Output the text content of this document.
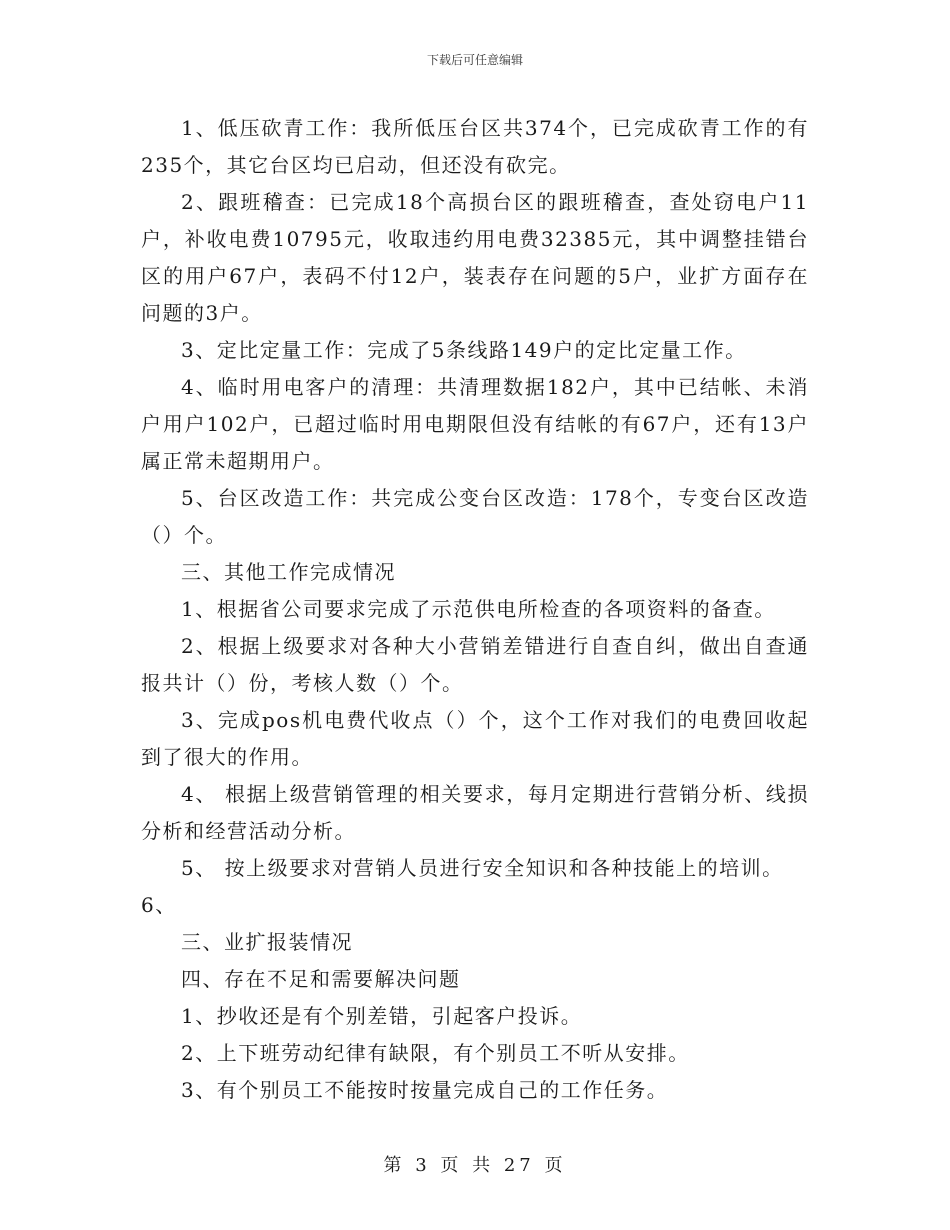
下载后可任意编辑

1、低压砍青工作：我所低压台区共374个，已完成砍青工作的有235个，其它台区均已启动，但还没有砍完。

2、跟班稽查：已完成18个高损台区的跟班稽查，查处窃电户11户，补收电费10795元，收取违约用电费32385元，其中调整挂错台区的用户67户，表码不付12户，装表存在问题的5户，业扩方面存在问题的3户。

3、定比定量工作：完成了5条线路149户的定比定量工作。

4、临时用电客户的清理：共清理数据182户，其中已结帐、未消户用户102户，已超过临时用电期限但没有结帐的有67户，还有13户属正常未超期用户。

5、台区改造工作：共完成公变台区改造：178个，专变台区改造（）个。

三、其他工作完成情况

1、根据省公司要求完成了示范供电所检查的各项资料的备查。

2、根据上级要求对各种大小营销差错进行自查自纠，做出自查通报共计（）份，考核人数（）个。

3、完成pos机电费代收点（）个，这个工作对我们的电费回收起到了很大的作用。

4、 根据上级营销管理的相关要求，每月定期进行营销分析、线损分析和经营活动分析。

5、 按上级要求对营销人员进行安全知识和各种技能上的培训。

6、

三、业扩报装情况

四、存在不足和需要解决问题

1、抄收还是有个别差错，引起客户投诉。

2、上下班劳动纪律有缺限，有个别员工不听从安排。

3、有个别员工不能按时按量完成自己的工作任务。

第 3 页 共 27 页
